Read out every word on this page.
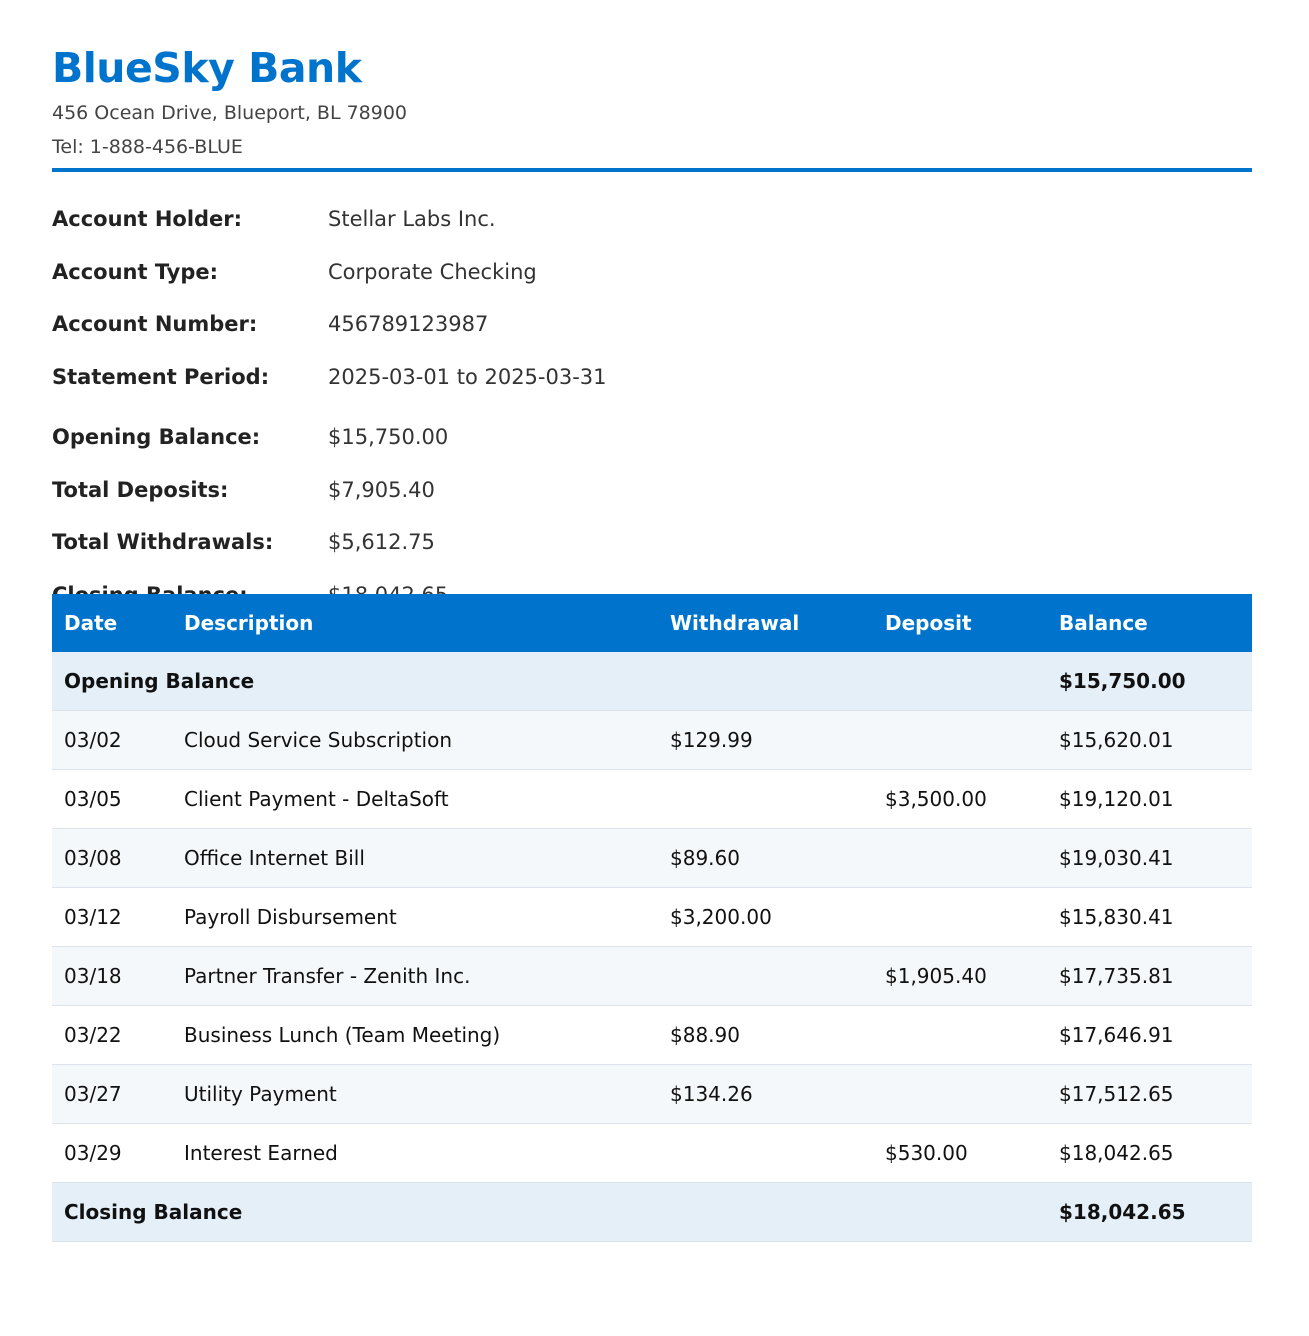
BlueSky Bank
456 Ocean Drive, Blueport, BL 78900
Tel: 1-888-456-BLUE
Account Holder:	Stellar Labs Inc.
Account Type:	Corporate Checking
Account Number:	456789123987
Statement Period:	2025-03-01 to 2025-03-31
Opening Balance:	$15,750.00
Total Deposits:	$7,905.40
Total Withdrawals:	$5,612.75
Date	Description	Withdrawal	Deposit	Balance
Opening Balance				$15,750.00
03/02	Cloud Service Subscription	$129.99		$15,620.01
03/05	Client Payment - DeltaSoft		$3,500.00	$19,120.01
03/08	Office Internet Bill	$89.60		$19,030.41
03/12	Payroll Disbursement	$3,200.00		$15,830.41
03/18	Partner Transfer - Zenith Inc.		$1,905.40	$17,735.81
03/22	Business Lunch (Team Meeting)	$88.90		$17,646.91
03/27	Utility Payment	$134.26		$17,512.65
03/29	Interest Earned		$530.00	$18,042.65
Closing Balance				$18,042.65
